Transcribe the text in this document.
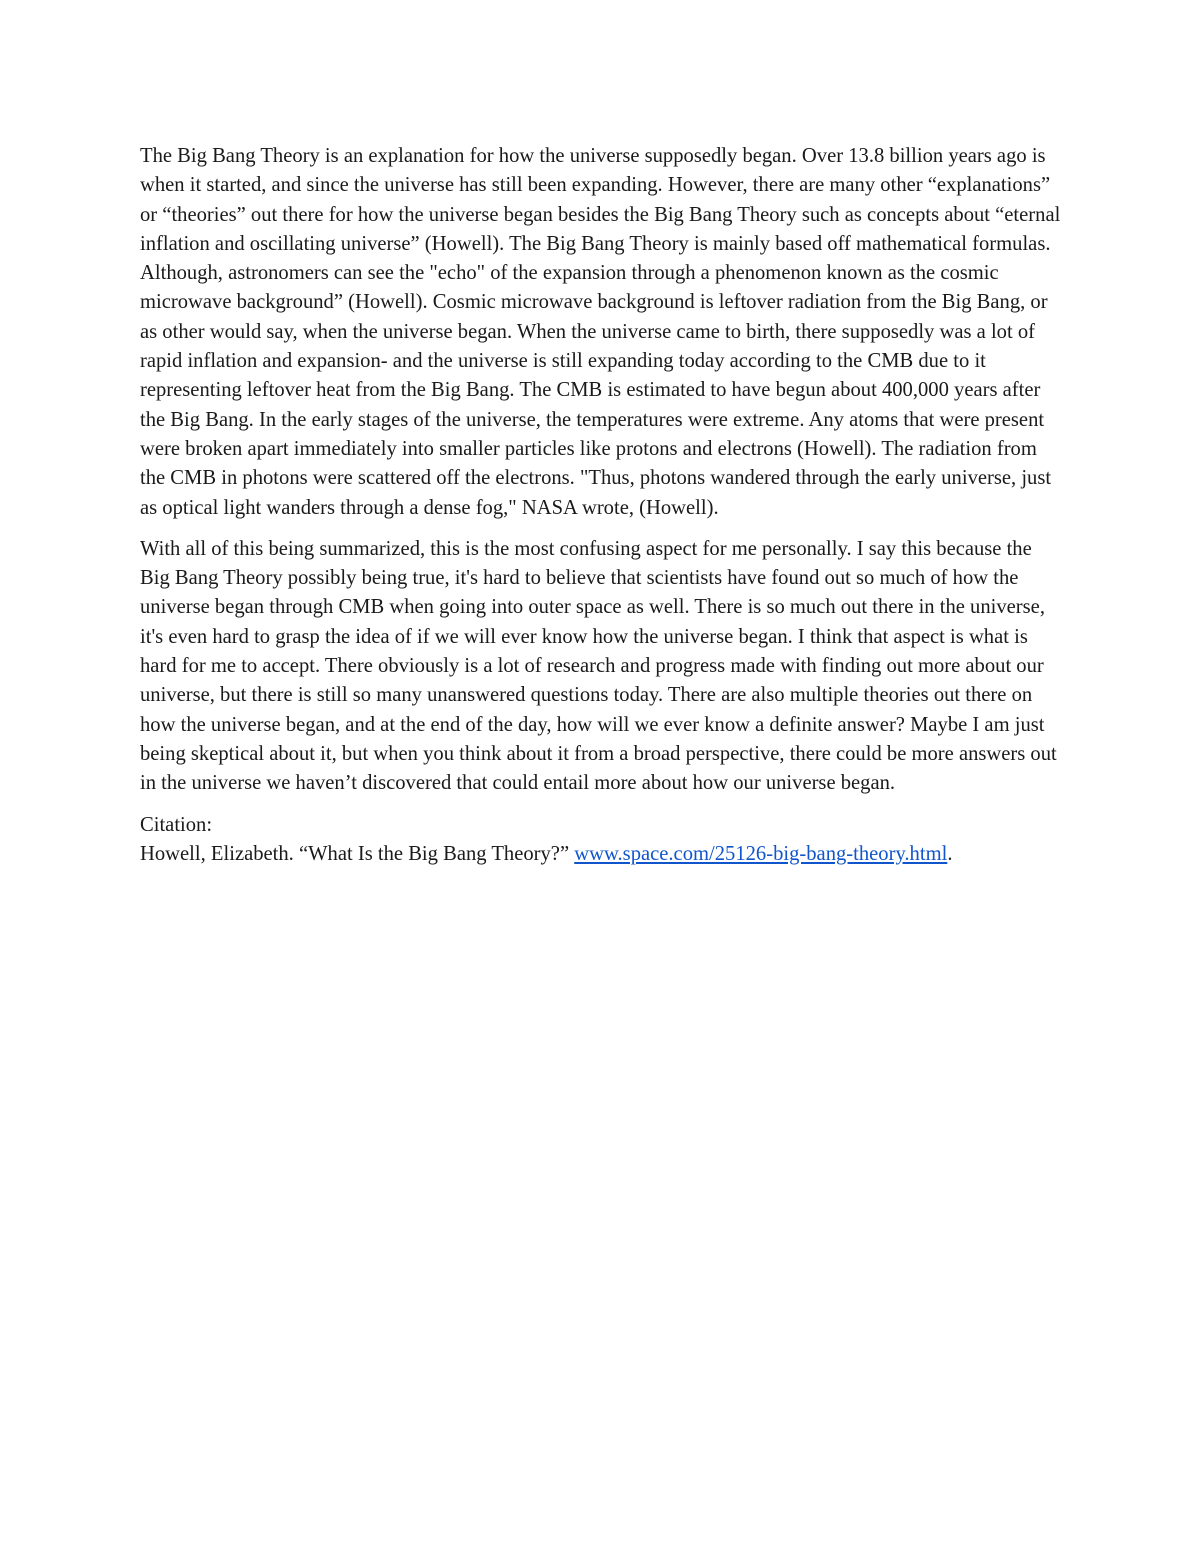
The Big Bang Theory is an explanation for how the universe supposedly began. Over 13.8 billion years ago is when it started, and since the universe has still been expanding. However, there are many other “explanations” or “theories” out there for how the universe began besides the Big Bang Theory such as concepts about “eternal inflation and oscillating universe” (Howell). The Big Bang Theory is mainly based off mathematical formulas. Although, astronomers can see the "echo" of the expansion through a phenomenon known as the cosmic microwave background” (Howell). Cosmic microwave background is leftover radiation from the Big Bang, or as other would say, when the universe began. When the universe came to birth, there supposedly was a lot of rapid inflation and expansion- and the universe is still expanding today according to the CMB due to it representing leftover heat from the Big Bang. The CMB is estimated to have begun about 400,000 years after the Big Bang. In the early stages of the universe, the temperatures were extreme. Any atoms that were present were broken apart immediately into smaller particles like protons and electrons (Howell). The radiation from the CMB in photons were scattered off the electrons. "Thus, photons wandered through the early universe, just as optical light wanders through a dense fog," NASA wrote, (Howell).

With all of this being summarized, this is the most confusing aspect for me personally. I say this because the Big Bang Theory possibly being true, it's hard to believe that scientists have found out so much of how the universe began through CMB when going into outer space as well. There is so much out there in the universe, it's even hard to grasp the idea of if we will ever know how the universe began. I think that aspect is what is hard for me to accept. There obviously is a lot of research and progress made with finding out more about our universe, but there is still so many unanswered questions today. There are also multiple theories out there on how the universe began, and at the end of the day, how will we ever know a definite answer? Maybe I am just being skeptical about it, but when you think about it from a broad perspective, there could be more answers out in the universe we haven’t discovered that could entail more about how our universe began.

Citation:
Howell, Elizabeth. “What Is the Big Bang Theory?” www.space.com/25126-big-bang-theory.html.
